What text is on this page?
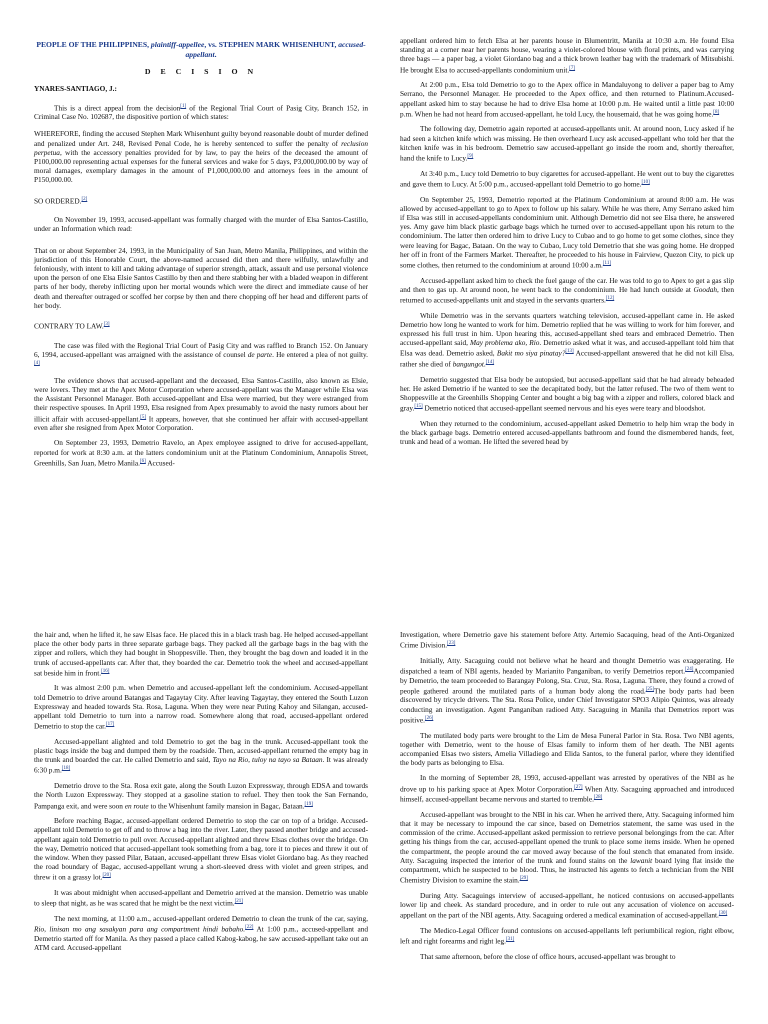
PEOPLE OF THE PHILIPPINES, plaintiff-appellee, vs. STEPHEN MARK WHISENHUNT, accused-appellant.
D E C I S I O N
YNARES-SANTIAGO, J.:

This is a direct appeal from the decision[1] of the Regional Trial Court of Pasig City, Branch 152, in Criminal Case No. 102687, the dispositive portion of which states:

WHEREFORE, finding the accused Stephen Mark Whisenhunt guilty beyond reasonable doubt of murder defined and penalized under Art. 248, Revised Penal Code, he is hereby sentenced to suffer the penalty of reclusion perpetua, with the accessory penalties provided for by law, to pay the heirs of the deceased the amount of P100,000.00 representing actual expenses for the funeral services and wake for 5 days, P3,000,000.00 by way of moral damages, exemplary damages in the amount of P1,000,000.00 and attorneys fees in the amount of P150,000.00.

SO ORDERED.[2]

On November 19, 1993, accused-appellant was formally charged with the murder of Elsa Santos-Castillo, under an Information which read:

That on or about September 24, 1993, in the Municipality of San Juan, Metro Manila, Philippines, and within the jurisdiction of this Honorable Court, the above-named accused did then and there wilfully, unlawfully and feloniously, with intent to kill and taking advantage of superior strength, attack, assault and use personal violence upon the person of one Elsa Elsie Santos Castillo by then and there stabbing her with a bladed weapon in different parts of her body, thereby inflicting upon her mortal wounds which were the direct and immediate cause of her death and thereafter outraged or scoffed her corpse by then and there chopping off her head and different parts of her body.

CONTRARY TO LAW.[3]

The case was filed with the Regional Trial Court of Pasig City and was raffled to Branch 152. On January 6, 1994, accused-appellant was arraigned with the assistance of counsel de parte. He entered a plea of not guilty.[4]

The evidence shows that accused-appellant and the deceased, Elsa Santos-Castillo, also known as Elsie, were lovers. They met at the Apex Motor Corporation where accused-appellant was the Manager while Elsa was the Assistant Personnel Manager. Both accused-appellant and Elsa were married, but they were estranged from their respective spouses. In April 1993, Elsa resigned from Apex presumably to avoid the nasty rumors about her illicit affair with accused-appellant.[5] It appears, however, that she continued her affair with accused-appellant even after she resigned from Apex Motor Corporation.

On September 23, 1993, Demetrio Ravelo, an Apex employee assigned to drive for accused-appellant, reported for work at 8:30 a.m. at the latters condominium unit at the Platinum Condominium, Annapolis Street, Greenhills, San Juan, Metro Manila.[6] Accused-

appellant ordered him to fetch Elsa at her parents house in Blumentritt, Manila at 10:30 a.m. He found Elsa standing at a corner near her parents house, wearing a violet-colored blouse with floral prints, and was carrying three bags — a paper bag, a violet Giordano bag and a thick brown leather bag with the trademark of Mitsubishi. He brought Elsa to accused-appellants condominium unit.[7]

At 2:00 p.m., Elsa told Demetrio to go to the Apex office in Mandaluyong to deliver a paper bag to Amy Serrano, the Personnel Manager. He proceeded to the Apex office, and then returned to Platinum.Accused-appellant asked him to stay because he had to drive Elsa home at 10:00 p.m. He waited until a little past 10:00 p.m. When he had not heard from accused-appellant, he told Lucy, the housemaid, that he was going home.[8]

The following day, Demetrio again reported at accused-appellants unit. At around noon, Lucy asked if he had seen a kitchen knife which was missing. He then overheard Lucy ask accused-appellant who told her that the kitchen knife was in his bedroom. Demetrio saw accused-appellant go inside the room and, shortly thereafter, hand the knife to Lucy.[9]

At 3:40 p.m., Lucy told Demetrio to buy cigarettes for accused-appellant. He went out to buy the cigarettes and gave them to Lucy. At 5:00 p.m., accused-appellant told Demetrio to go home.[10]

On September 25, 1993, Demetrio reported at the Platinum Condominium at around 8:00 a.m. He was allowed by accused-appellant to go to Apex to follow up his salary. While he was there, Amy Serrano asked him if Elsa was still in accused-appellants condominium unit. Although Demetrio did not see Elsa there, he answered yes. Amy gave him black plastic garbage bags which he turned over to accused-appellant upon his return to the condominium. The latter then ordered him to drive Lucy to Cubao and to go home to get some clothes, since they were leaving for Bagac, Bataan. On the way to Cubao, Lucy told Demetrio that she was going home. He dropped her off in front of the Farmers Market. Thereafter, he proceeded to his house in Fairview, Quezon City, to pick up some clothes, then returned to the condominium at around 10:00 a.m.[11]

Accused-appellant asked him to check the fuel gauge of the car. He was told to go to Apex to get a gas slip and then to gas up. At around noon, he went back to the condominium. He had lunch outside at Goodah, then returned to accused-appellants unit and stayed in the servants quarters.[12]

While Demetrio was in the servants quarters watching television, accused-appellant came in. He asked Demetrio how long he wanted to work for him. Demetrio replied that he was willing to work for him forever, and expressed his full trust in him. Upon hearing this, accused-appellant shed tears and embraced Demetrio. Then accused-appellant said, May problema ako, Rio. Demetrio asked what it was, and accused-appellant told him that Elsa was dead. Demetrio asked, Bakit mo siya pinatay?[13] Accused-appellant answered that he did not kill Elsa, rather she died of bangungot.[14]

Demetrio suggested that Elsa body be autopsied, but accused-appellant said that he had already beheaded her. He asked Demetrio if he wanted to see the decapitated body, but the latter refused. The two of them went to Shoppesville at the Greenhills Shopping Center and bought a big bag with a zipper and rollers, colored black and gray.[15] Demetrio noticed that accused-appellant seemed nervous and his eyes were teary and bloodshot.

When they returned to the condominium, accused-appellant asked Demetrio to help him wrap the body in the black garbage bags. Demetrio entered accused-appellants bathroom and found the dismembered hands, feet, trunk and head of a woman. He lifted the severed head by

the hair and, when he lifted it, he saw Elsas face. He placed this in a black trash bag. He helped accused-appellant place the other body parts in three separate garbage bags. They packed all the garbage bags in the bag with the zipper and rollers, which they had bought in Shoppesville. Then, they brought the bag down and loaded it in the trunk of accused-appellants car. After that, they boarded the car. Demetrio took the wheel and accused-appellant sat beside him in front.[16]

It was almost 2:00 p.m. when Demetrio and accused-appellant left the condominium. Accused-appellant told Demetrio to drive around Batangas and Tagaytay City. After leaving Tagaytay, they entered the South Luzon Expressway and headed towards Sta. Rosa, Laguna. When they were near Puting Kahoy and Silangan, accused-appellant told Demetrio to turn into a narrow road. Somewhere along that road, accused-appellant ordered Demetrio to stop the car.[17]

Accused-appellant alighted and told Demetrio to get the bag in the trunk. Accused-appellant took the plastic bags inside the bag and dumped them by the roadside. Then, accused-appellant returned the empty bag in the trunk and boarded the car. He called Demetrio and said, Tayo na Rio, tuloy na tayo sa Bataan. It was already 6:30 p.m.[18]

Demetrio drove to the Sta. Rosa exit gate, along the South Luzon Expressway, through EDSA and towards the North Luzon Expressway. They stopped at a gasoline station to refuel. They then took the San Fernando, Pampanga exit, and were soon en route to the Whisenhunt family mansion in Bagac, Bataan.[19]

Before reaching Bagac, accused-appellant ordered Demetrio to stop the car on top of a bridge. Accused-appellant told Demetrio to get off and to throw a bag into the river. Later, they passed another bridge and accused-appellant again told Demetrio to pull over. Accused-appellant alighted and threw Elsas clothes over the bridge. On the way, Demetrio noticed that accused-appellant took something from a bag, tore it to pieces and threw it out of the window. When they passed Pilar, Bataan, accused-appellant threw Elsas violet Giordano bag. As they reached the road boundary of Bagac, accused-appellant wrung a short-sleeved dress with violet and green stripes, and threw it on a grassy lot.[20]

It was about midnight when accused-appellant and Demetrio arrived at the mansion. Demetrio was unable to sleep that night, as he was scared that he might be the next victim.[21]

The next morning, at 11:00 a.m., accused-appellant ordered Demetrio to clean the trunk of the car, saying, Rio, linisan mo ang sasakyan para ang compartment hindi babaho.[22] At 1:00 p.m., accused-appellant and Demetrio started off for Manila. As they passed a place called Kabog-kabog, he saw accused-appellant take out an ATM card. Accused-appellant

Investigation, where Demetrio gave his statement before Atty. Artemio Sacaquing, head of the Anti-Organized Crime Division.[23]

Initially, Atty. Sacaguing could not believe what he heard and thought Demetrio was exaggerating. He dispatched a team of NBI agents, headed by Marianito Panganiban, to verify Demetrios report.[24]Accompanied by Demetrio, the team proceeded to Barangay Polong, Sta. Cruz, Sta. Rosa, Laguna. There, they found a crowd of people gathered around the mutilated parts of a human body along the road.[25]The body parts had been discovered by tricycle drivers. The Sta. Rosa Police, under Chief Investigator SPO3 Alipio Quintos, was already conducting an investigation. Agent Panganiban radioed Atty. Sacaguing in Manila that Demetrios report was positive.[26]

The mutilated body parts were brought to the Lim de Mesa Funeral Parlor in Sta. Rosa. Two NBI agents, together with Demetrio, went to the house of Elsas family to inform them of her death. The NBI agents accompanied Elsas two sisters, Amelia Villadiego and Elida Santos, to the funeral parlor, where they identified the body parts as belonging to Elsa.

In the morning of September 28, 1993, accused-appellant was arrested by operatives of the NBI as he drove up to his parking space at Apex Motor Corporation.[27] When Atty. Sacaguing approached and introduced himself, accused-appellant became nervous and started to tremble.[28]

Accused-appellant was brought to the NBI in his car. When he arrived there, Atty. Sacaguing informed him that it may be necessary to impound the car since, based on Demetrios statement, the same was used in the commission of the crime. Accused-appellant asked permission to retrieve personal belongings from the car. After getting his things from the car, accused-appellant opened the trunk to place some items inside. When he opened the compartment, the people around the car moved away because of the foul stench that emanated from inside. Atty. Sacaguing inspected the interior of the trunk and found stains on the lawanit board lying flat inside the compartment, which he suspected to be blood. Thus, he instructed his agents to fetch a technician from the NBI Chemistry Division to examine the stain.[29]

During Atty. Sacaguings interview of accused-appellant, he noticed contusions on accused-appellants lower lip and cheek. As standard procedure, and in order to rule out any accusation of violence on accused-appellant on the part of the NBI agents, Atty. Sacaguing ordered a medical examination of accused-appellant.[30]

The Medico-Legal Officer found contusions on accused-appellants left periumbilical region, right elbow, left and right forearms and right leg.[31]

That same afternoon, before the close of office hours, accused-appellant was brought to
